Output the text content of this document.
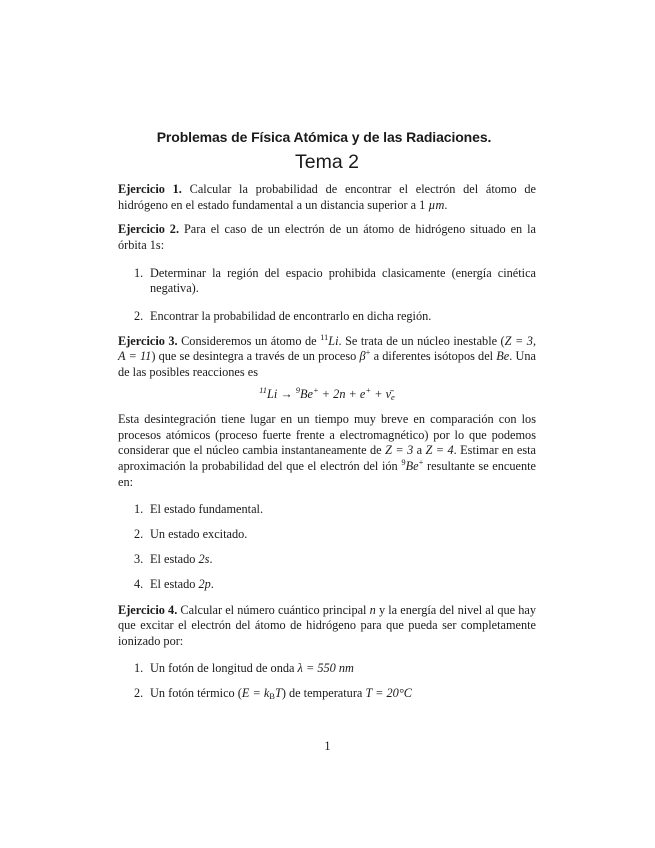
Problemas de Física Atómica y de las Radiaciones.
Tema 2

Ejercicio 1. Calcular la probabilidad de encontrar el electrón del átomo de hidrógeno en el estado fundamental a un distancia superior a 1 µm.

Ejercicio 2. Para el caso de un electrón de un átomo de hidrógeno situado en la órbita 1s:

1. Determinar la región del espacio prohibida clasicamente (energía cinética negativa).
2. Encontrar la probabilidad de encontrarlo en dicha región.

Ejercicio 3. Consideremos un átomo de $^{11}$Li. Se trata de un núcleo inestable (Z = 3, A = 11) que se desintegra a través de un proceso β+ a diferentes isótopos del Be. Una de las posibles reacciones es

$^{11}Li \to ^9Be^+ + 2n + e^+ + \nū_e$

Esta desintegración tiene lugar en un tiempo muy breve en comparación con los procesos atómicos (proceso fuerte frente a electromagnético) por lo que podemos considerar que el núcleo cambia instantaneamente de Z = 3 a Z = 4. Estimar en esta aproximación la probabilidad del que el electrón del ión $^9$Be+ resultante se encuente en:

1. El estado fundamental.
2. Un estado excitado.
3. El estado 2s.
4. El estado 2p.

Ejercicio 4. Calcular el número cuántico principal n y la energía del nivel al que hay que excitar el electrón del átomo de hidrógeno para que pueda ser completamente ionizado por:

1. Un fotón de longitud de onda λ = 550 nm
2. Un fotón térmico $(E = k_BT)$ de temperatura T = 20°C
1
